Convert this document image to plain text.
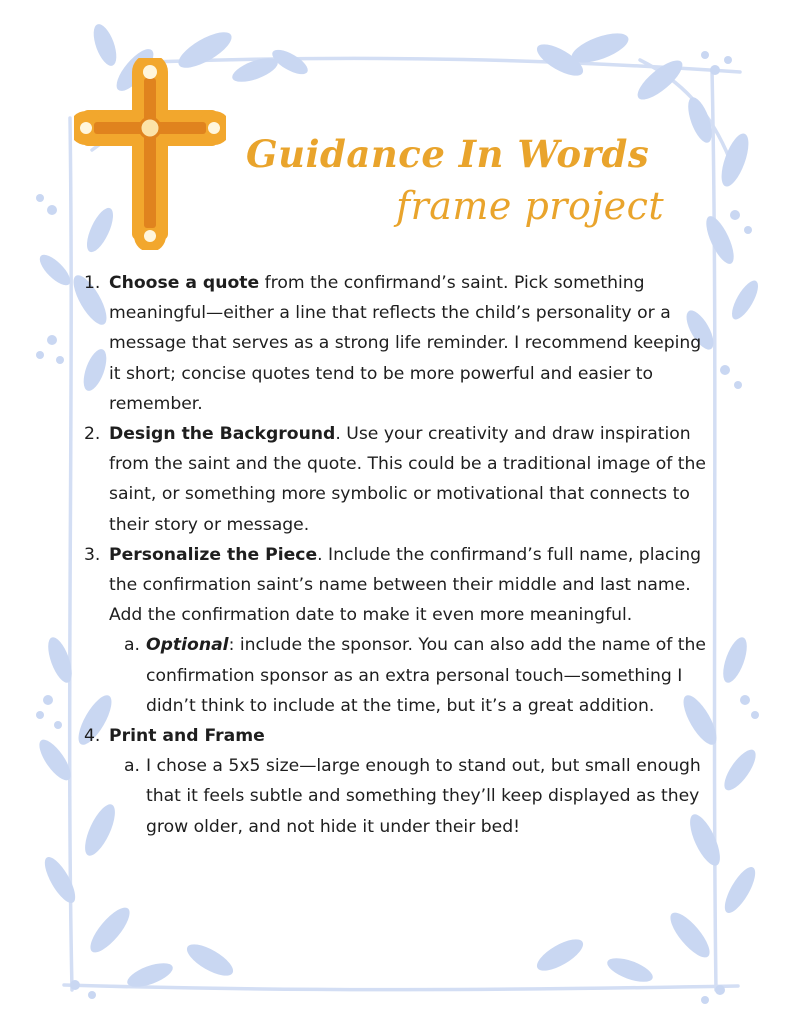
Guidance In Words
frame project
1. Choose a quote from the confirmand’s saint. Pick something meaningful—either a line that reflects the child’s personality or a message that serves as a strong life reminder. I recommend keeping it short; concise quotes tend to be more powerful and easier to remember.
2. Design the Background. Use your creativity and draw inspiration from the saint and the quote. This could be a traditional image of the saint, or something more symbolic or motivational that connects to their story or message.
3. Personalize the Piece. Include the confirmand’s full name, placing the confirmation saint’s name between their middle and last name. Add the confirmation date to make it even more meaningful.
a. Optional: include the sponsor. You can also add the name of the confirmation sponsor as an extra personal touch—something I didn’t think to include at the time, but it’s a great addition.
4. Print and Frame
a. I chose a 5x5 size—large enough to stand out, but small enough that it feels subtle and something they’ll keep displayed as they grow older, and not hide it under their bed!
